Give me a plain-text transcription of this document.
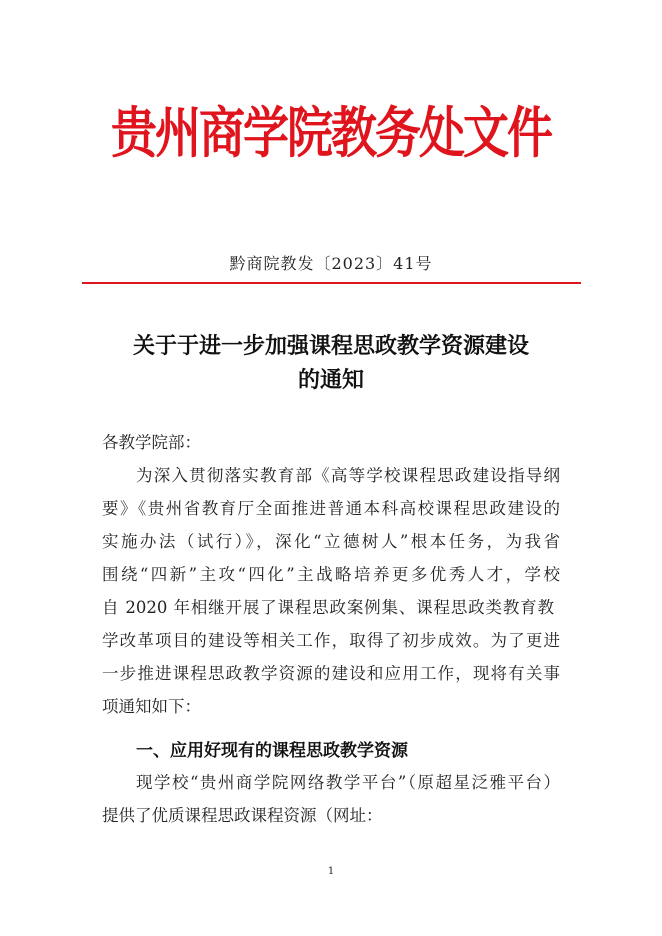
贵州商学院教务处文件
黔商院教发〔2023〕41号
关于于进一步加强课程思政教学资源建设
的通知
各教学院部：
为深入贯彻落实教育部《高等学校课程思政建设指导纲
要》《贵州省教育厅全面推进普通本科高校课程思政建设的
实施办法（试行）》，深化“立德树人”根本任务，为我省
围绕“四新”主攻“四化”主战略培养更多优秀人才，学校
自 2020 年相继开展了课程思政案例集、课程思政类教育教
学改革项目的建设等相关工作，取得了初步成效。为了更进
一步推进课程思政教学资源的建设和应用工作，现将有关事
项通知如下：
一、应用好现有的课程思政教学资源
现学校“贵州商学院网络教学平台”（原超星泛雅平台）
提供了优质课程思政课程资源（网址：
1
